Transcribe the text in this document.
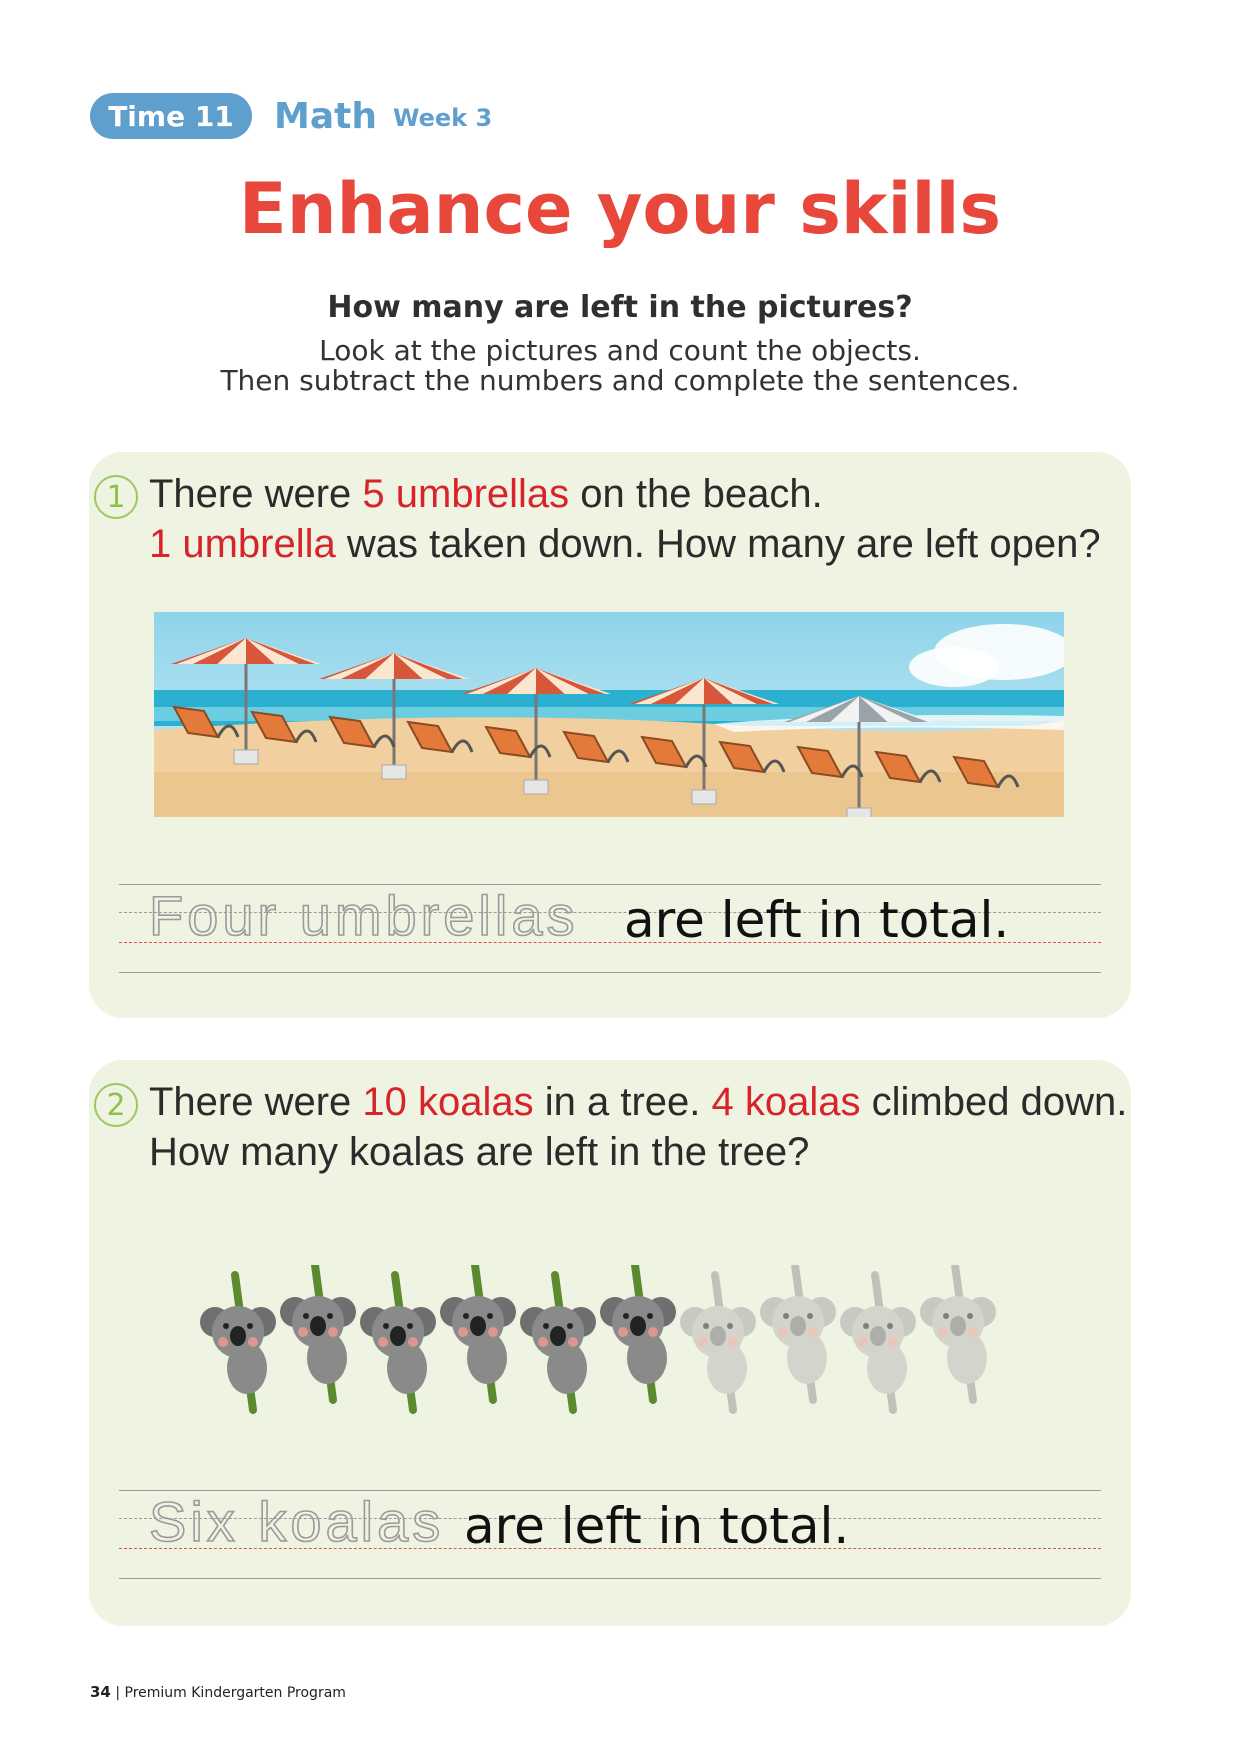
Time 11	Math Week 3
Enhance your skills
How many are left in the pictures?
Look at the pictures and count the objects.
Then subtract the numbers and complete the sentences.
1 There were 5 umbrellas on the beach.
1 umbrella was taken down. How many are left open?
Four umbrellas are left in total.
2 There were 10 koalas in a tree. 4 koalas climbed down.
How many koalas are left in the tree?
Six koalas are left in total.
34 | Premium Kindergarten Program
